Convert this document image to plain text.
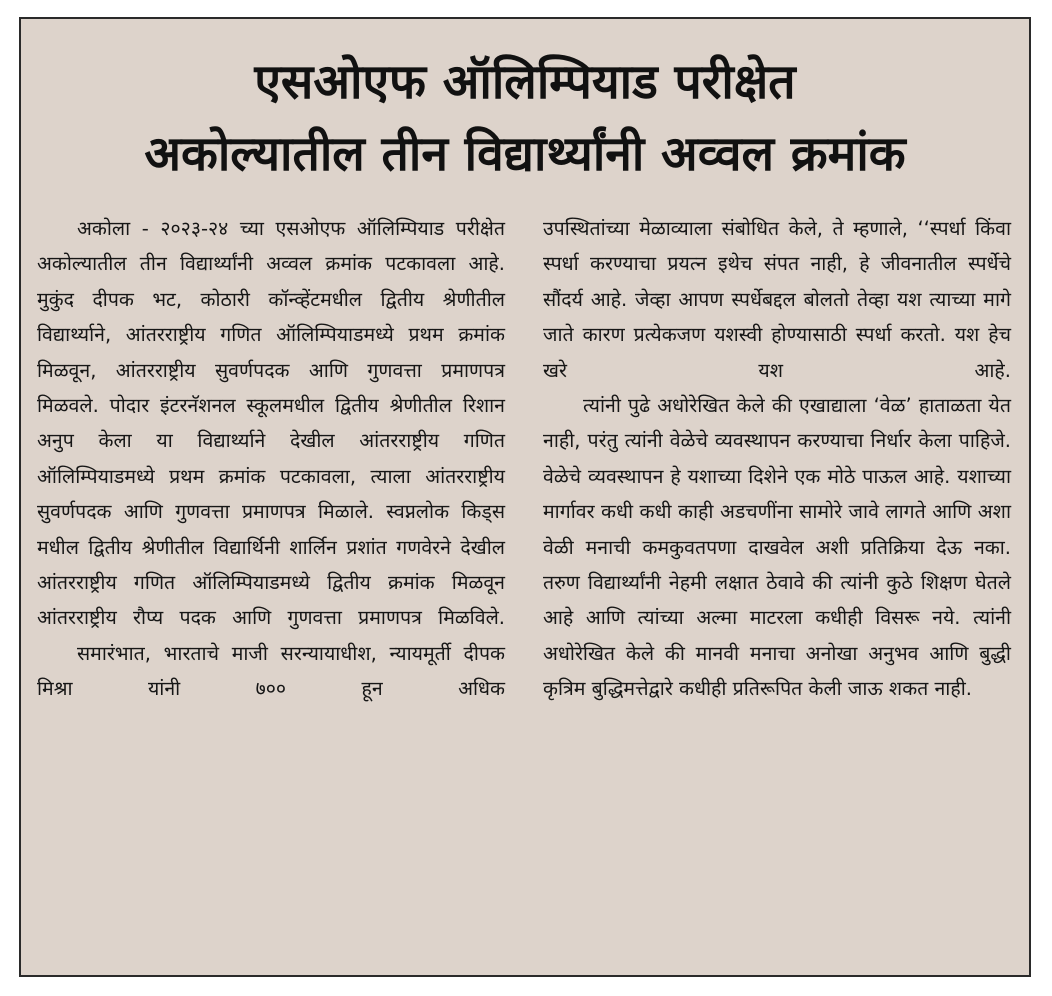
एसओएफ ऑलिम्पियाड परीक्षेत
अकोल्यातील तीन विद्यार्थ्यांनी अव्वल क्रमांक

अकोला - २०२३-२४ च्या एसओएफ ऑलिम्पियाड परीक्षेत अकोल्यातील तीन विद्यार्थ्यांनी अव्वल क्रमांक पटकावला आहे. मुकुंद दीपक भट, कोठारी कॉन्व्हेंटमधील द्वितीय श्रेणीतील विद्यार्थ्याने, आंतरराष्ट्रीय गणित ऑलिम्पियाडमध्ये प्रथम क्रमांक मिळवून, आंतरराष्ट्रीय सुवर्णपदक आणि गुणवत्ता प्रमाणपत्र मिळवले. पोदार इंटरनॅशनल स्कूलमधील द्वितीय श्रेणीतील रिशान अनुप केला या विद्यार्थ्याने देखील आंतरराष्ट्रीय गणित ऑलिम्पियाडमध्ये प्रथम क्रमांक पटकावला, त्याला आंतरराष्ट्रीय सुवर्णपदक आणि गुणवत्ता प्रमाणपत्र मिळाले. स्वप्नलोक किड्स मधील द्वितीय श्रेणीतील विद्यार्थिनी शार्लिन प्रशांत गणवेरने देखील आंतरराष्ट्रीय गणित ऑलिम्पियाडमध्ये द्वितीय क्रमांक मिळवून आंतरराष्ट्रीय रौप्य पदक आणि गुणवत्ता प्रमाणपत्र मिळविले.

समारंभात, भारताचे माजी सरन्यायाधीश, न्यायमूर्ती दीपक मिश्रा यांनी ७०० हून अधिक

उपस्थितांच्या मेळाव्याला संबोधित केले, ते म्हणाले, ‘‘स्पर्धा किंवा स्पर्धा करण्याचा प्रयत्न इथेच संपत नाही, हे जीवनातील स्पर्धेचे सौंदर्य आहे. जेव्हा आपण स्पर्धेबद्दल बोलतो तेव्हा यश त्याच्या मागे जाते कारण प्रत्येकजण यशस्वी होण्यासाठी स्पर्धा करतो. यश हेच खरे यश आहे.

त्यांनी पुढे अधोरेखित केले की एखाद्याला ‘वेळ’ हाताळता येत नाही, परंतु त्यांनी वेळेचे व्यवस्थापन करण्याचा निर्धार केला पाहिजे. वेळेचे व्यवस्थापन हे यशाच्या दिशेने एक मोठे पाऊल आहे. यशाच्या मार्गावर कधी कधी काही अडचणींना सामोरे जावे लागते आणि अशा वेळी मनाची कमकुवतपणा दाखवेल अशी प्रतिक्रिया देऊ नका. तरुण विद्यार्थ्यांनी नेहमी लक्षात ठेवावे की त्यांनी कुठे शिक्षण घेतले आहे आणि त्यांच्या अल्मा माटरला कधीही विसरू नये. त्यांनी अधोरेखित केले की मानवी मनाचा अनोखा अनुभव आणि बुद्धी कृत्रिम बुद्धिमत्तेद्वारे कधीही प्रतिरूपित केली जाऊ शकत नाही.
